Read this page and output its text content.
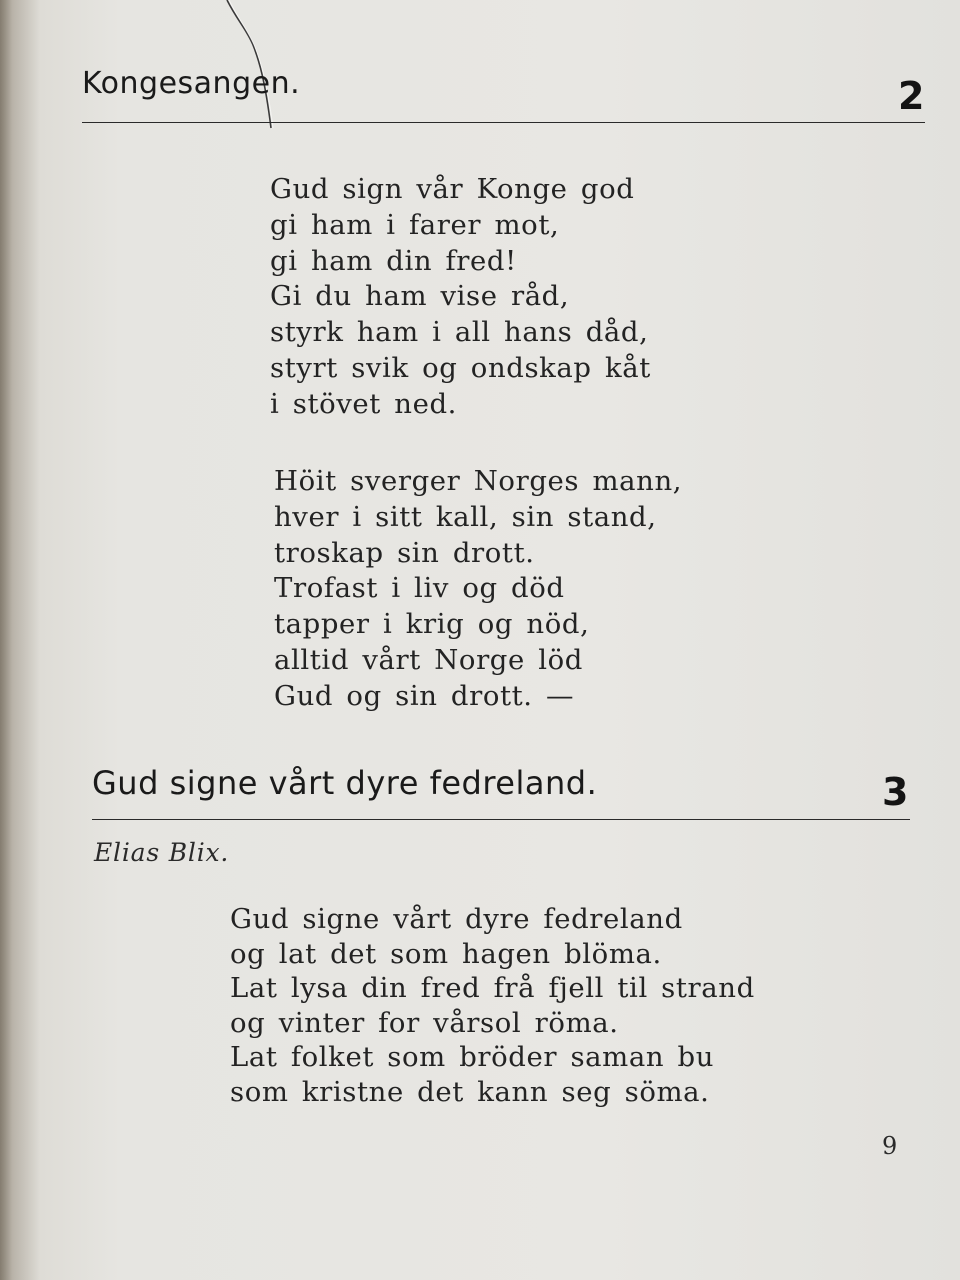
Kongesangen.	2
Gud sign vår Konge god
gi ham i farer mot,
gi ham din fred!
Gi du ham vise råd,
styrk ham i all hans dåd,
styrt svik og ondskap kåt
i stövet ned.
Höit sverger Norges mann,
hver i sitt kall, sin stand,
troskap sin drott.
Trofast i liv og död
tapper i krig og nöd,
alltid vårt Norge löd
Gud og sin drott. —
Gud signe vårt dyre fedreland.	3
Elias Blix.
Gud signe vårt dyre fedreland
og lat det som hagen blöma.
Lat lysa din fred frå fjell til strand
og vinter for vårsol röma.
Lat folket som bröder saman bu
som kristne det kann seg söma.
9
